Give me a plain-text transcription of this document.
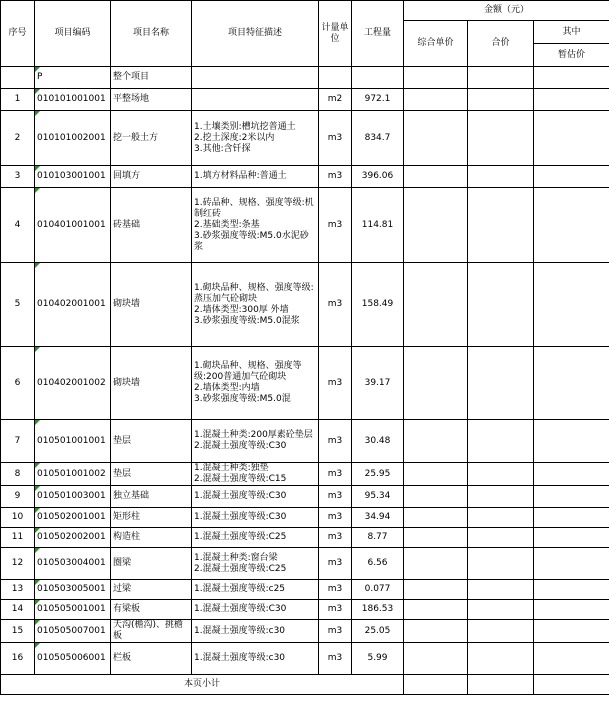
序号	项目编码	项目名称	项目特征描述	计量单位	工程量	金额（元）		
						综合单价	合价	其中
								暂估价

P	整个项目						
1	010101001001	平整场地		m2	972.1			
2	010101002001	挖一般土方	1.土壤类别:槽坑挖普通土
2.挖土深度:2米以内
3.其他:含钎探	m3	834.7			
3	010103001001	回填方	1.填方材料品种:普通土	m3	396.06			
4	010401001001	砖基础	1.砖品种、规格、强度等级:机制红砖
2.基础类型:条基
3.砂浆强度等级:M5.0水泥砂浆	m3	114.81			
5	010402001001	砌块墙	1.砌块品种、规格、强度等级:蒸压加气砼砌块
2.墙体类型:300厚 外墙
3.砂浆强度等级:M5.0混浆	m3	158.49			
6	010402001002	砌块墙	1.砌块品种、规格、强度等级:200普通加气砼砌块
2.墙体类型:内墙
3.砂浆强度等级:M5.0混	m3	39.17			
7	010501001001	垫层	1.混凝土种类:200厚素砼垫层
2.混凝土强度等级:C30	m3	30.48			
8	010501001002	垫层	1.混凝土种类:独垫
2.混凝土强度等级:C15	m3	25.95			
9	010501003001	独立基础	1.混凝土强度等级:C30	m3	95.34			
10	010502001001	矩形柱	1.混凝土强度等级:C30	m3	34.94			
11	010502002001	构造柱	1.混凝土强度等级:C25	m3	8.77			
12	010503004001	圈梁	1.混凝土种类:窗台梁
2.混凝土强度等级:C25	m3	6.56			
13	010503005001	过梁	1.混凝土强度等级:c25	m3	0.077			
14	010505001001	有梁板	1.混凝土强度等级:C30	m3	186.53			
15	010505007001	天沟(檐沟)、挑檐板	1.混凝土强度等级:c30	m3	25.05			
16	010505006001	栏板	1.混凝土强度等级:c30	m3	5.99			
本页小计								
